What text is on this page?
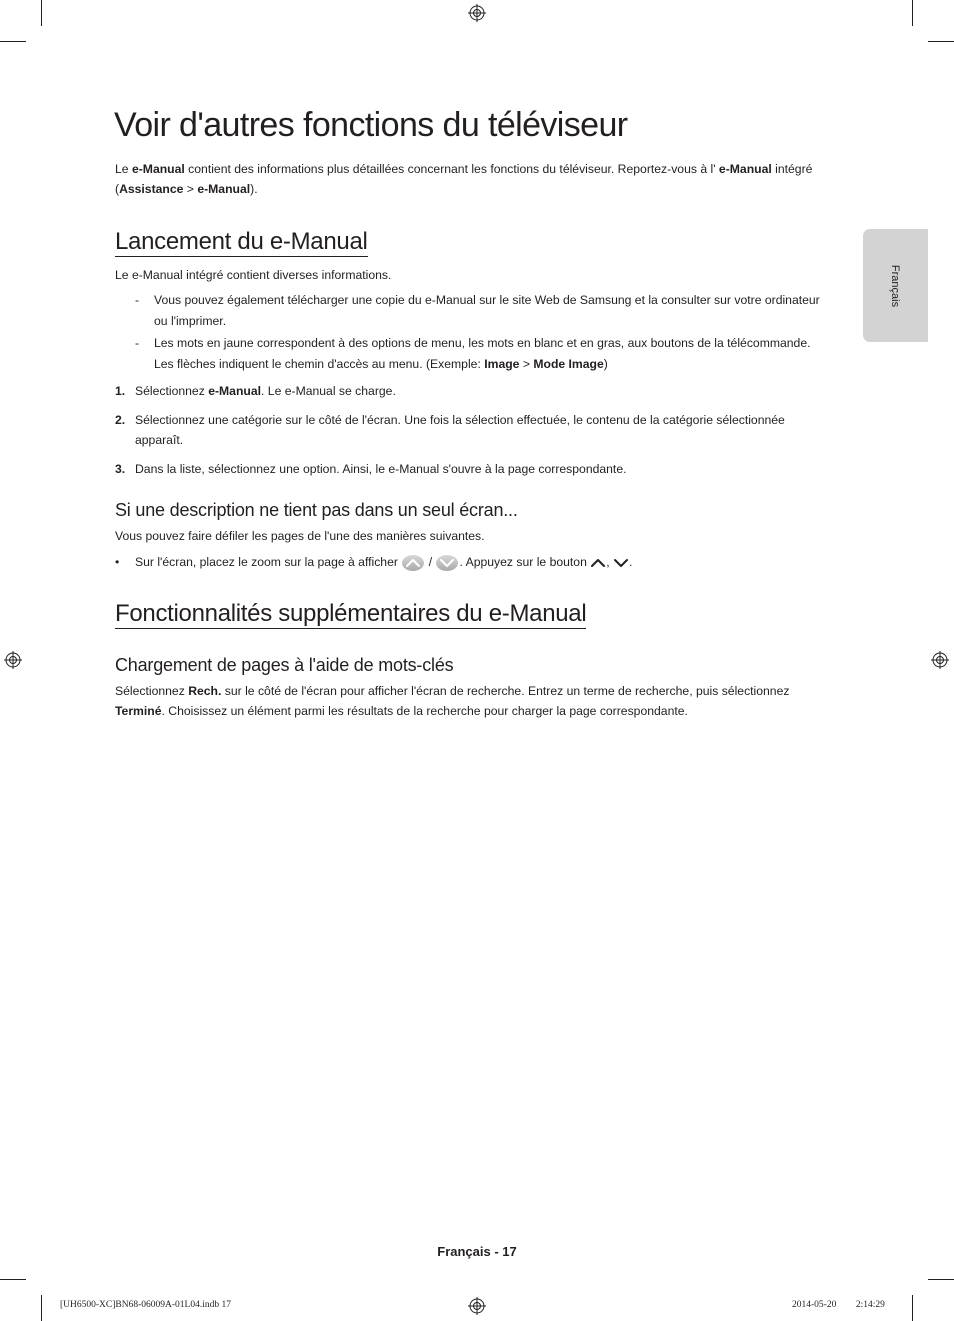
Français
Voir d'autres fonctions du téléviseur

Le e-Manual contient des informations plus détaillées concernant les fonctions du téléviseur. Reportez-vous à l' e-Manual intégré (Assistance > e-Manual).

Lancement du e-Manual

Le e-Manual intégré contient diverses informations.

- Vous pouvez également télécharger une copie du e-Manual sur le site Web de Samsung et la consulter sur votre ordinateur ou l'imprimer.
- Les mots en jaune correspondent à des options de menu, les mots en blanc et en gras, aux boutons de la télécommande. Les flèches indiquent le chemin d'accès au menu. (Exemple: Image > Mode Image)
1. Sélectionnez e-Manual. Le e-Manual se charge.
2. Sélectionnez une catégorie sur le côté de l'écran. Une fois la sélection effectuée, le contenu de la catégorie sélectionnée apparaît.
3. Dans la liste, sélectionnez une option. Ainsi, le e-Manual s'ouvre à la page correspondante.
Si une description ne tient pas dans un seul écran...

Vous pouvez faire défiler les pages de l'une des manières suivantes.

• Sur l'écran, placez le zoom sur la page à afficher  / . Appuyez sur le bouton , .
Fonctionnalités supplémentaires du e-Manual
Chargement de pages à l'aide de mots-clés

Sélectionnez Rech. sur le côté de l'écran pour afficher l'écran de recherche. Entrez un terme de recherche, puis sélectionnez Terminé. Choisissez un élément parmi les résultats de la recherche pour charger la page correspondante.

Français - 17
[UH6500-XC]BN68-06009A-01L04.indb 17	2014-05-20 ￿￿ 2:14:29
